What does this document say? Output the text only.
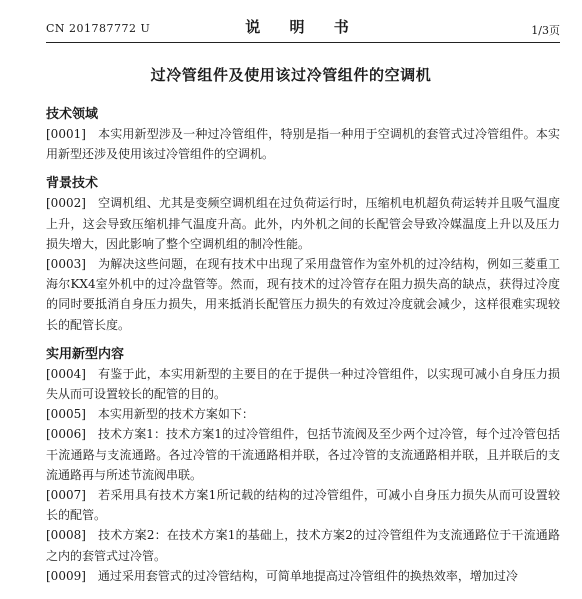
CN 201787772 U	说 明 书	1/3页
过冷管组件及使用该过冷管组件的空调机

技术领域

[0001] 本实用新型涉及一种过冷管组件，特别是指一种用于空调机的套管式过冷管组件。本实用新型还涉及使用该过冷管组件的空调机。

背景技术

[0002] 空调机组、尤其是变频空调机组在过负荷运行时，压缩机电机超负荷运转并且吸气温度上升，这会导致压缩机排气温度升高。此外，内外机之间的长配管会导致冷媒温度上升以及压力损失增大，因此影响了整个空调机组的制冷性能。

[0003] 为解决这些问题，在现有技术中出现了采用盘管作为室外机的过冷结构，例如三菱重工海尔KX4室外机中的过冷盘管等。然而，现有技术的过冷管存在阻力损失高的缺点，获得过冷度的同时要抵消自身压力损失，用来抵消长配管压力损失的有效过冷度就会减少，这样很难实现较长的配管长度。

实用新型内容

[0004] 有鉴于此，本实用新型的主要目的在于提供一种过冷管组件，以实现可减小自身压力损失从而可设置较长的配管的目的。

[0005] 本实用新型的技术方案如下：

[0006] 技术方案1：技术方案1的过冷管组件，包括节流阀及至少两个过冷管，每个过冷管包括干流通路与支流通路。各过冷管的干流通路相并联，各过冷管的支流通路相并联，且并联后的支流通路再与所述节流阀串联。

[0007] 若采用具有技术方案1所记载的结构的过冷管组件，可减小自身压力损失从而可设置较长的配管。

[0008] 技术方案2：在技术方案1的基础上，技术方案2的过冷管组件为支流通路位于干流通路之内的套管式过冷管。

[0009] 通过采用套管式的过冷管结构，可简单地提高过冷管组件的换热效率，增加过冷
